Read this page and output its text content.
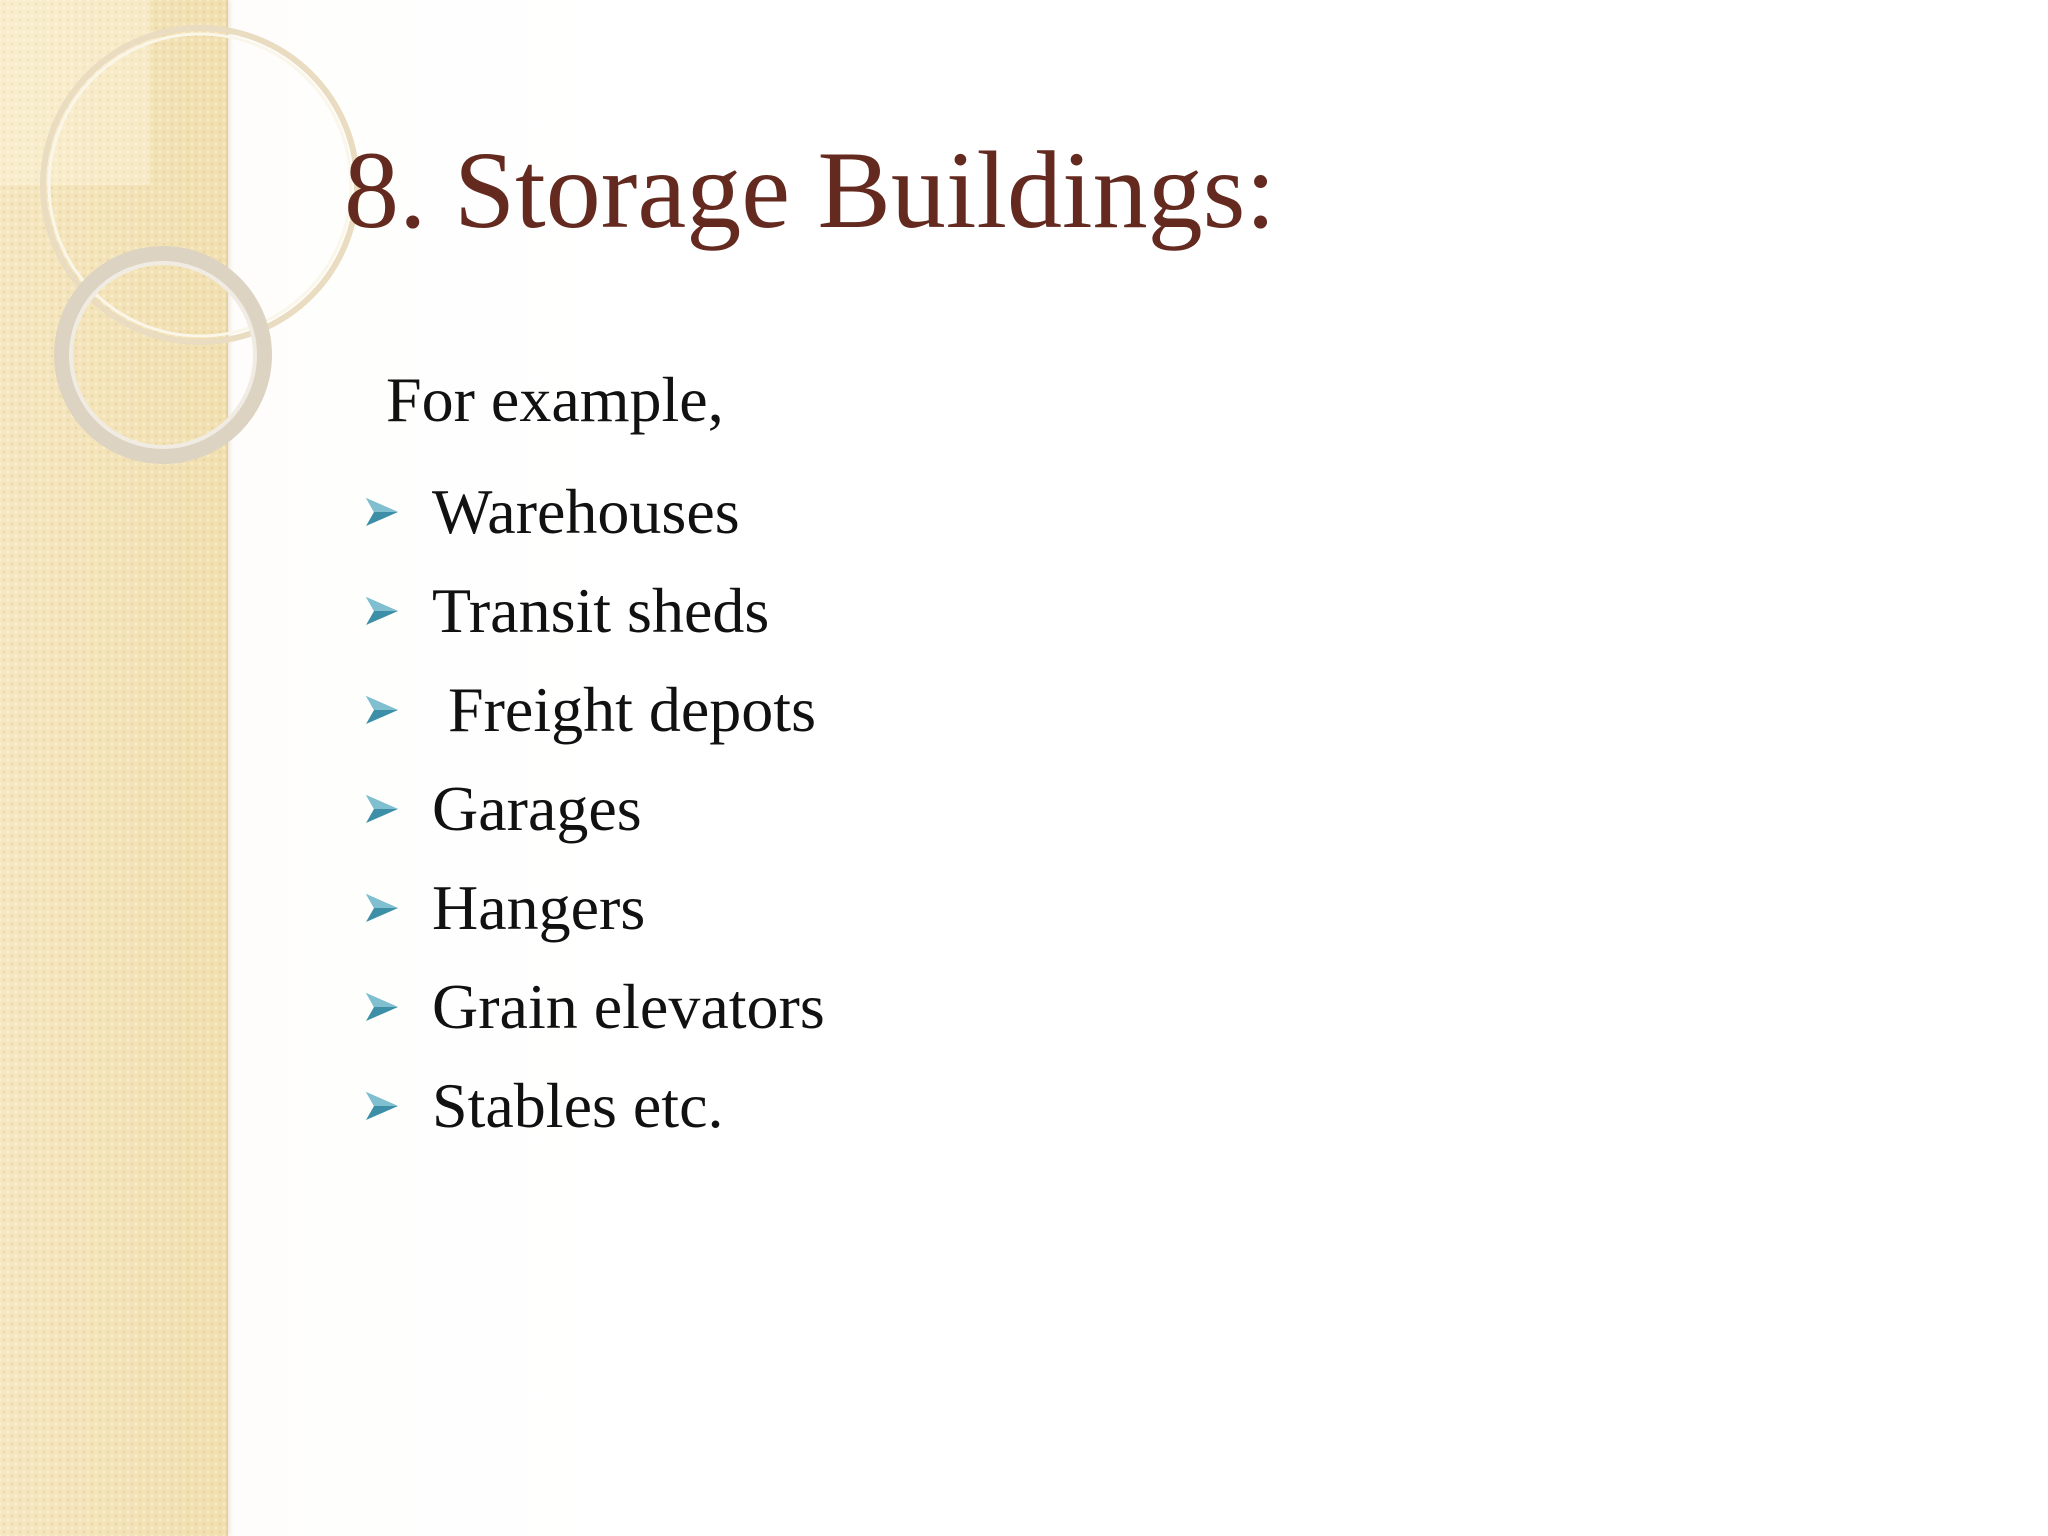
8. Storage Buildings:

For example,

Warehouses
Transit sheds
Freight depots
Garages
Hangers
Grain elevators
Stables etc.
